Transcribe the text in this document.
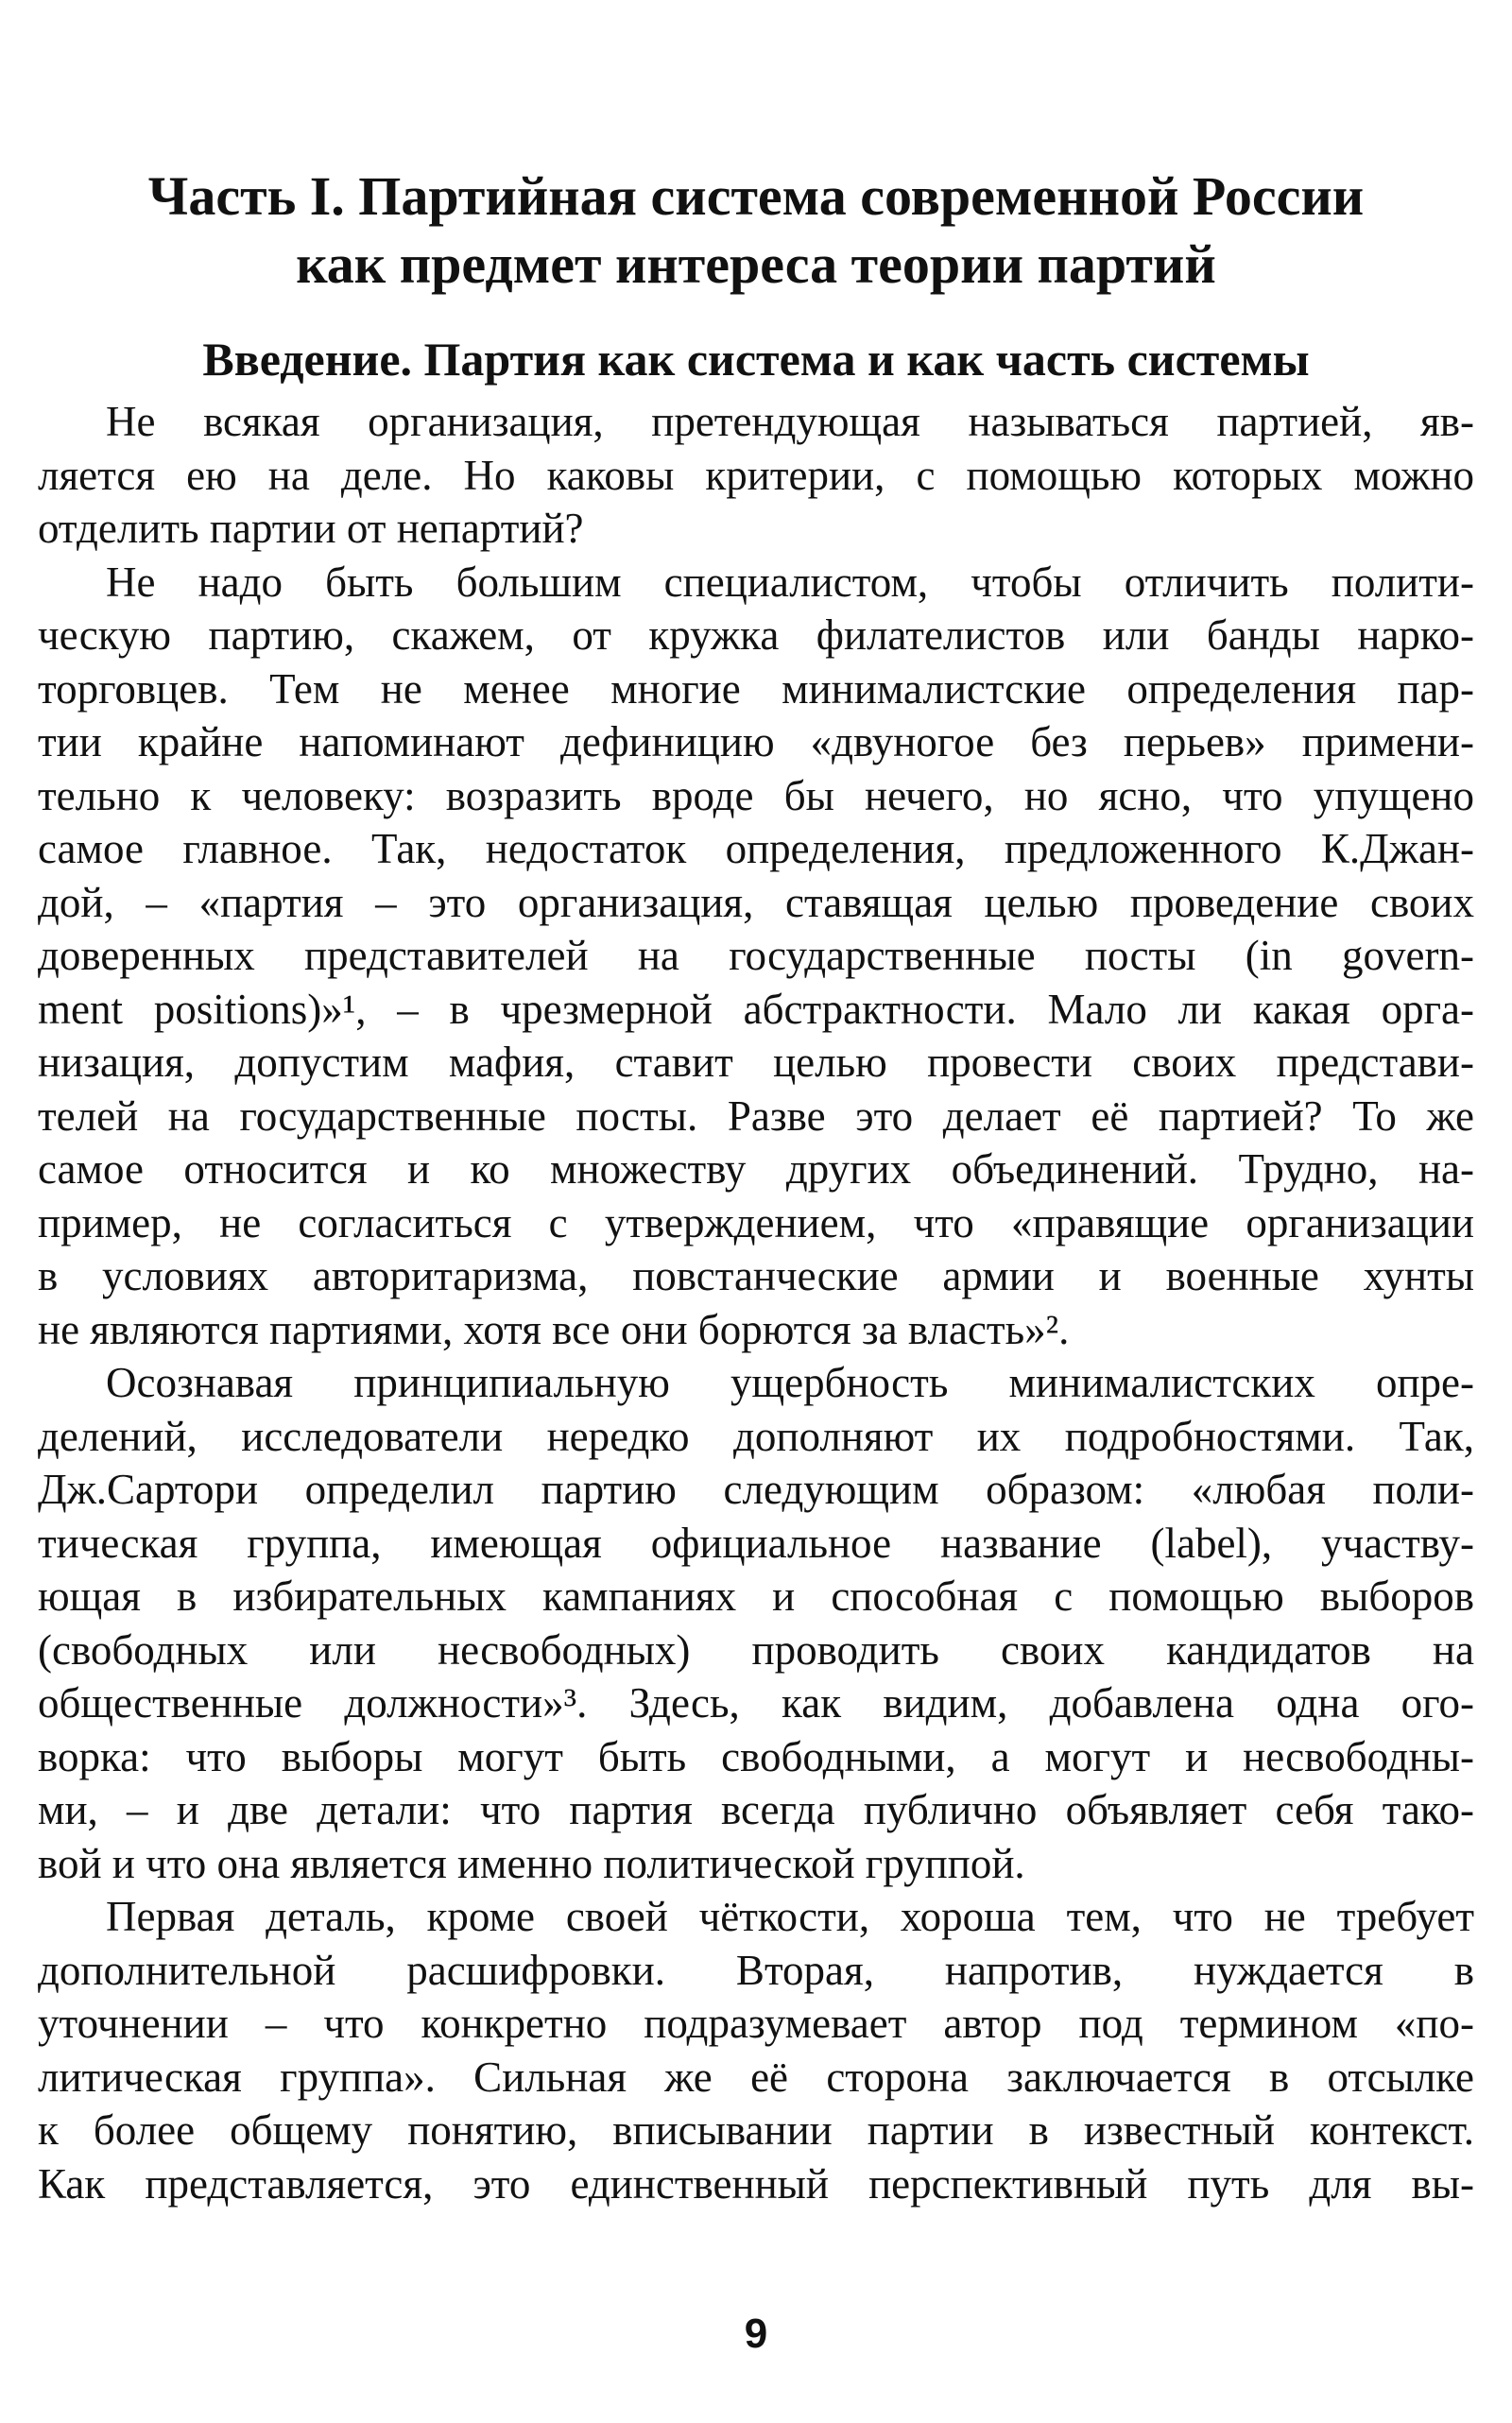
Часть I. Партийная система современной России
как предмет интереса теории партий
Введение. Партия как система и как часть системы

Не всякая организация, претендующая называться партией, яв-
ляется ею на деле. Но каковы критерии, с помощью которых можно
отделить партии от непартий?

Не надо быть большим специалистом, чтобы отличить полити-
ческую партию, скажем, от кружка филателистов или банды нарко-
торговцев. Тем не менее многие минималистские определения пар-
тии крайне напоминают дефиницию «двуногое без перьев» примени-
тельно к человеку: возразить вроде бы нечего, но ясно, что упущено
самое главное. Так, недостаток определения, предложенного К.Джан-
дой, – «партия – это организация, ставящая целью проведение своих
доверенных представителей на государственные посты (in govern-
ment positions)»¹, – в чрезмерной абстрактности. Мало ли какая орга-
низация, допустим мафия, ставит целью провести своих представи-
телей на государственные посты. Разве это делает её партией? То же
самое относится и ко множеству других объединений. Трудно, на-
пример, не согласиться с утверждением, что «правящие организации
в условиях авторитаризма, повстанческие армии и военные хунты
не являются партиями, хотя все они борются за власть»².

Осознавая принципиальную ущербность минималистских опре-
делений, исследователи нередко дополняют их подробностями. Так,
Дж.Сартори определил партию следующим образом: «любая поли-
тическая группа, имеющая официальное название (label), участву-
ющая в избирательных кампаниях и способная с помощью выборов
(свободных или несвободных) проводить своих кандидатов на
общественные должности»³. Здесь, как видим, добавлена одна ого-
ворка: что выборы могут быть свободными, а могут и несвободны-
ми, – и две детали: что партия всегда публично объявляет себя тако-
вой и что она является именно политической группой.

Первая деталь, кроме своей чёткости, хороша тем, что не требует
дополнительной расшифровки. Вторая, напротив, нуждается в
уточнении – что конкретно подразумевает автор под термином «по-
литическая группа». Сильная же её сторона заключается в отсылке
к более общему понятию, вписывании партии в известный контекст.
Как представляется, это единственный перспективный путь для вы-

9
